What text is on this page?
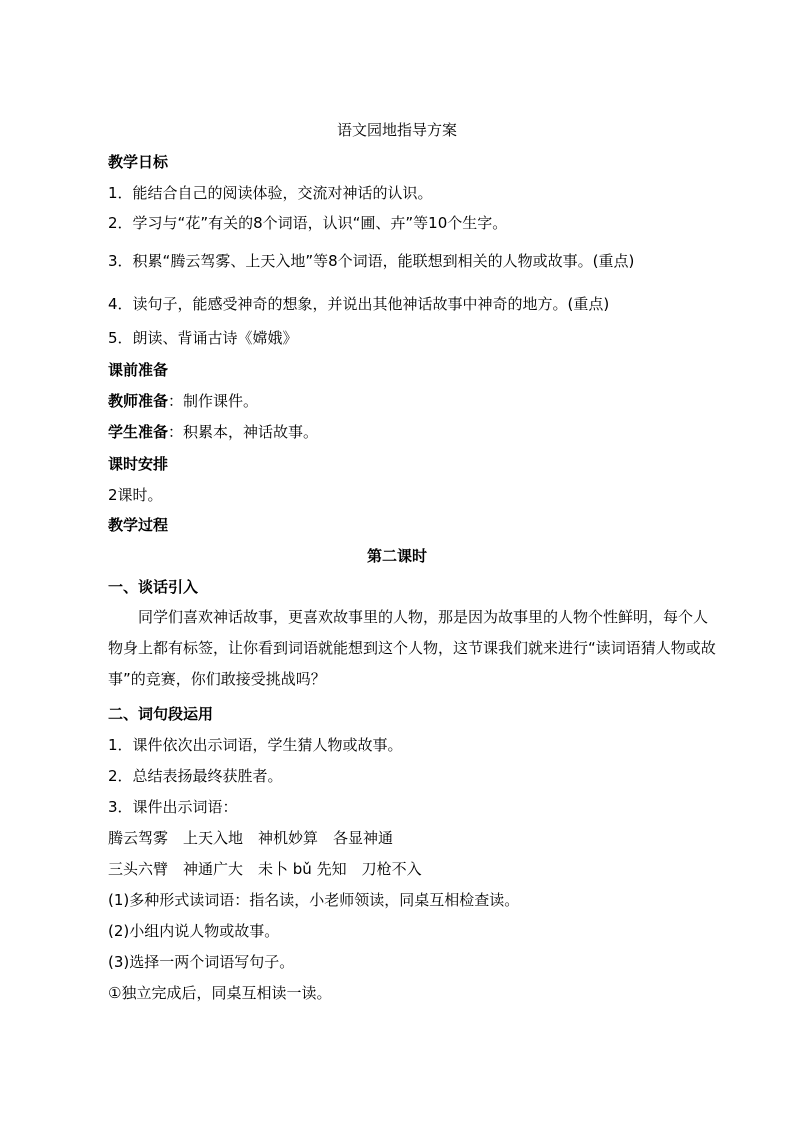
语文园地指导方案
教学日标
1．能结合自己的阅读体验，交流对神话的认识。
2．学习与“花”有关的8个词语，认识“圃、卉”等10个生字。
3．积累“腾云驾雾、上天入地”等8个词语，能联想到相关的人物或故事。(重点)
4．读句子，能感受神奇的想象，并说出其他神话故事中神奇的地方。(重点)
5．朗读、背诵古诗《嫦娥》
课前准备
教师准备：制作课件。
学生准备：积累本，神话故事。
课时安排
2课时。
教学过程
第二课时
一、谈话引入
同学们喜欢神话故事，更喜欢故事里的人物，那是因为故事里的人物个性鲜明，每个人物身上都有标签，让你看到词语就能想到这个人物，这节课我们就来进行“读词语猜人物或故事”的竞赛，你们敢接受挑战吗？
二、词句段运用
1．课件依次出示词语，学生猜人物或故事。
2．总结表扬最终获胜者。
3．课件出示词语：
腾云驾雾　上天入地　神机妙算　各显神通
三头六臂　神通广大　未卜 bǔ 先知　刀枪不入
(1)多种形式读词语：指名读，小老师领读，同桌互相检查读。
(2)小组内说人物或故事。
(3)选择一两个词语写句子。
①独立完成后，同桌互相读一读。
